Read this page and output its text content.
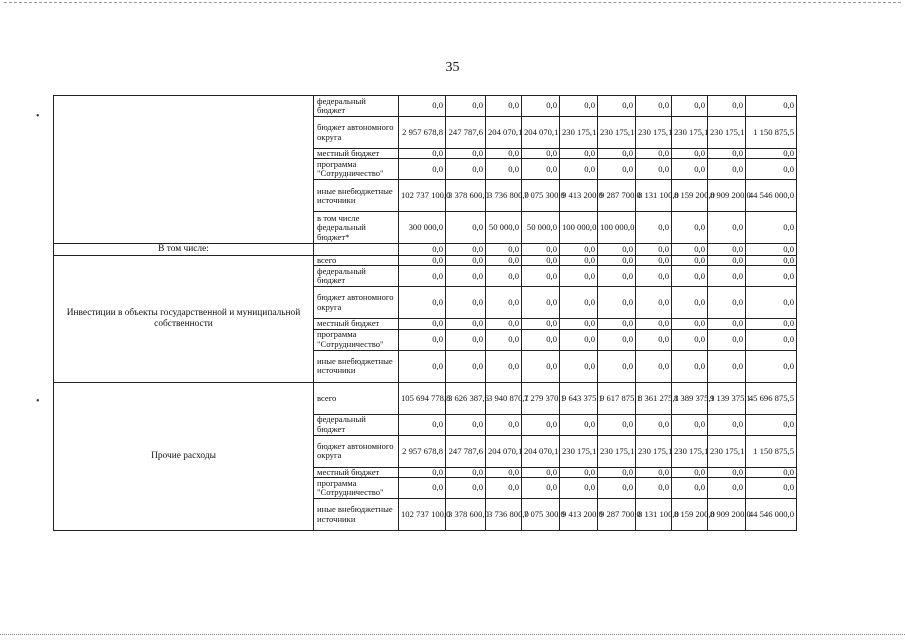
35
•
•
	федеральный бюджет	0,0	0,0	0,0	0,0	0,0	0,0	0,0	0,0	0,0	0,0
	бюджет автономного округа	2 957 678,8	247 787,6	204 070,1	204 070,1	230 175,1	230 175,1	230 175,1	230 175,1	230 175,1	1 150 875,5
	местный бюджет	0,0	0,0	0,0	0,0	0,0	0,0	0,0	0,0	0,0	0,0
	программа "Сотрудничество"	0,0	0,0	0,0	0,0	0,0	0,0	0,0	0,0	0,0	0,0
	иные внебюджетные источники	102 737 100,0	3 378 600,0	3 736 800,0	7 075 300,0	9 413 200,0	9 287 700,0	8 131 100,0	8 159 200,0	8 909 200,0	44 546 000,0
	в том числе федеральный бюджет*	300 000,0	0,0	50 000,0	50 000,0	100 000,0	100 000,0	0,0	0,0	0,0	0,0
В том числе:		0,0	0,0	0,0	0,0	0,0	0,0	0,0	0,0	0,0	0,0
Инвестиции в объекты государственной и муниципальной собственности	всего	0,0	0,0	0,0	0,0	0,0	0,0	0,0	0,0	0,0	0,0
	федеральный бюджет	0,0	0,0	0,0	0,0	0,0	0,0	0,0	0,0	0,0	0,0
	бюджет автономного округа	0,0	0,0	0,0	0,0	0,0	0,0	0,0	0,0	0,0	0,0
	местный бюджет	0,0	0,0	0,0	0,0	0,0	0,0	0,0	0,0	0,0	0,0
	программа "Сотрудничество"	0,0	0,0	0,0	0,0	0,0	0,0	0,0	0,0	0,0	0,0
	иные внебюджетные источники	0,0	0,0	0,0	0,0	0,0	0,0	0,0	0,0	0,0	0,0
Прочие расходы	всего	105 694 778,8	3 626 387,6	3 940 870,1	7 279 370,1	9 643 375,1	9 617 875,1	8 361 275,1	8 389 375,1	9 139 375,1	45 696 875,5
	федеральный бюджет	0,0	0,0	0,0	0,0	0,0	0,0	0,0	0,0	0,0	0,0
	бюджет автономного округа	2 957 678,8	247 787,6	204 070,1	204 070,1	230 175,1	230 175,1	230 175,1	230 175,1	230 175,1	1 150 875,5
	местный бюджет	0,0	0,0	0,0	0,0	0,0	0,0	0,0	0,0	0,0	0,0
	программа "Сотрудничество"	0,0	0,0	0,0	0,0	0,0	0,0	0,0	0,0	0,0	0,0
	иные внебюджетные источники	102 737 100,0	3 378 600,0	3 736 800,0	7 075 300,0	9 413 200,0	9 287 700,0	8 131 100,0	8 159 200,0	8 909 200,0	44 546 000,0
